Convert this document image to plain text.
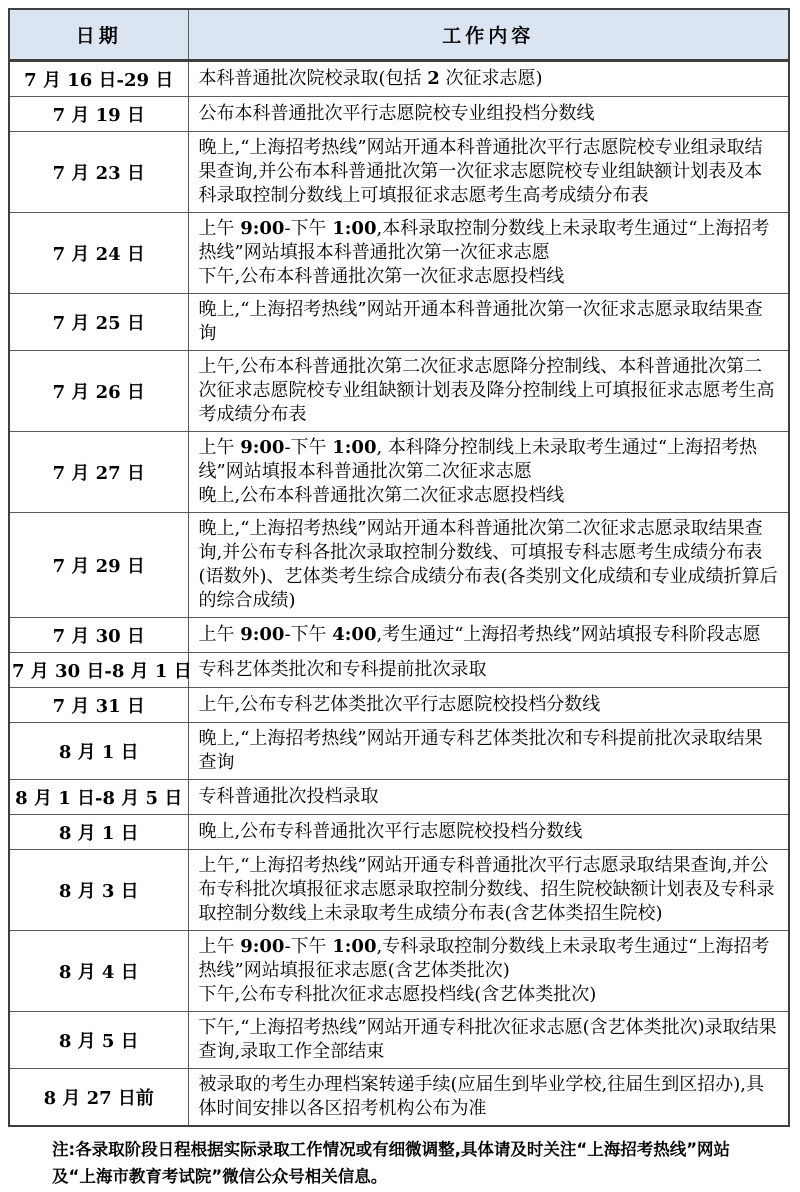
日期	工作内容
7 月 16 日-29 日	本科普通批次院校录取(包括 2 次征求志愿)

7 月 19 日	公布本科普通批次平行志愿院校专业组投档分数线

7 月 23 日	晚上,“上海招考热线”网站开通本科普通批次平行志愿院校专业组录取结果查询,并公布本科普通批次第一次征求志愿院校专业组缺额计划表及本科录取控制分数线上可填报征求志愿考生高考成绩分布表

7 月 24 日	上午 9:00-下午 1:00,本科录取控制分数线上未录取考生通过“上海招考热线”网站填报本科普通批次第一次征求志愿
下午,公布本科普通批次第一次征求志愿投档线

7 月 25 日	晚上,“上海招考热线”网站开通本科普通批次第一次征求志愿录取结果查询

7 月 26 日	上午,公布本科普通批次第二次征求志愿降分控制线、本科普通批次第二次征求志愿院校专业组缺额计划表及降分控制线上可填报征求志愿考生高考成绩分布表

7 月 27 日	上午 9:00-下午 1:00, 本科降分控制线上未录取考生通过“上海招考热线”网站填报本科普通批次第二次征求志愿
晚上,公布本科普通批次第二次征求志愿投档线

7 月 29 日	晚上,“上海招考热线”网站开通本科普通批次第二次征求志愿录取结果查询,并公布专科各批次录取控制分数线、可填报专科志愿考生成绩分布表(语数外)、艺体类考生综合成绩分布表(各类别文化成绩和专业成绩折算后的综合成绩)

7 月 30 日	上午 9:00-下午 4:00,考生通过“上海招考热线”网站填报专科阶段志愿

7 月 30 日-8 月 1 日	专科艺体类批次和专科提前批次录取

7 月 31 日	上午,公布专科艺体类批次平行志愿院校投档分数线

8 月 1 日	晚上,“上海招考热线”网站开通专科艺体类批次和专科提前批次录取结果查询

8 月 1 日-8 月 5 日	专科普通批次投档录取

8 月 1 日	晚上,公布专科普通批次平行志愿院校投档分数线

8 月 3 日	上午,“上海招考热线”网站开通专科普通批次平行志愿录取结果查询,并公布专科批次填报征求志愿录取控制分数线、招生院校缺额计划表及专科录取控制分数线上未录取考生成绩分布表(含艺体类招生院校)

8 月 4 日	上午 9:00-下午 1:00,专科录取控制分数线上未录取考生通过“上海招考热线”网站填报征求志愿(含艺体类批次)
下午,公布专科批次征求志愿投档线(含艺体类批次)

8 月 5 日	下午,“上海招考热线”网站开通专科批次征求志愿(含艺体类批次)录取结果查询,录取工作全部结束

8 月 27 日前	被录取的考生办理档案转递手续(应届生到毕业学校,往届生到区招办),具体时间安排以各区招考机构公布为准

注:各录取阶段日程根据实际录取工作情况或有细微调整,具体请及时关注“上海招考热线”网站及“上海市教育考试院”微信公众号相关信息。
